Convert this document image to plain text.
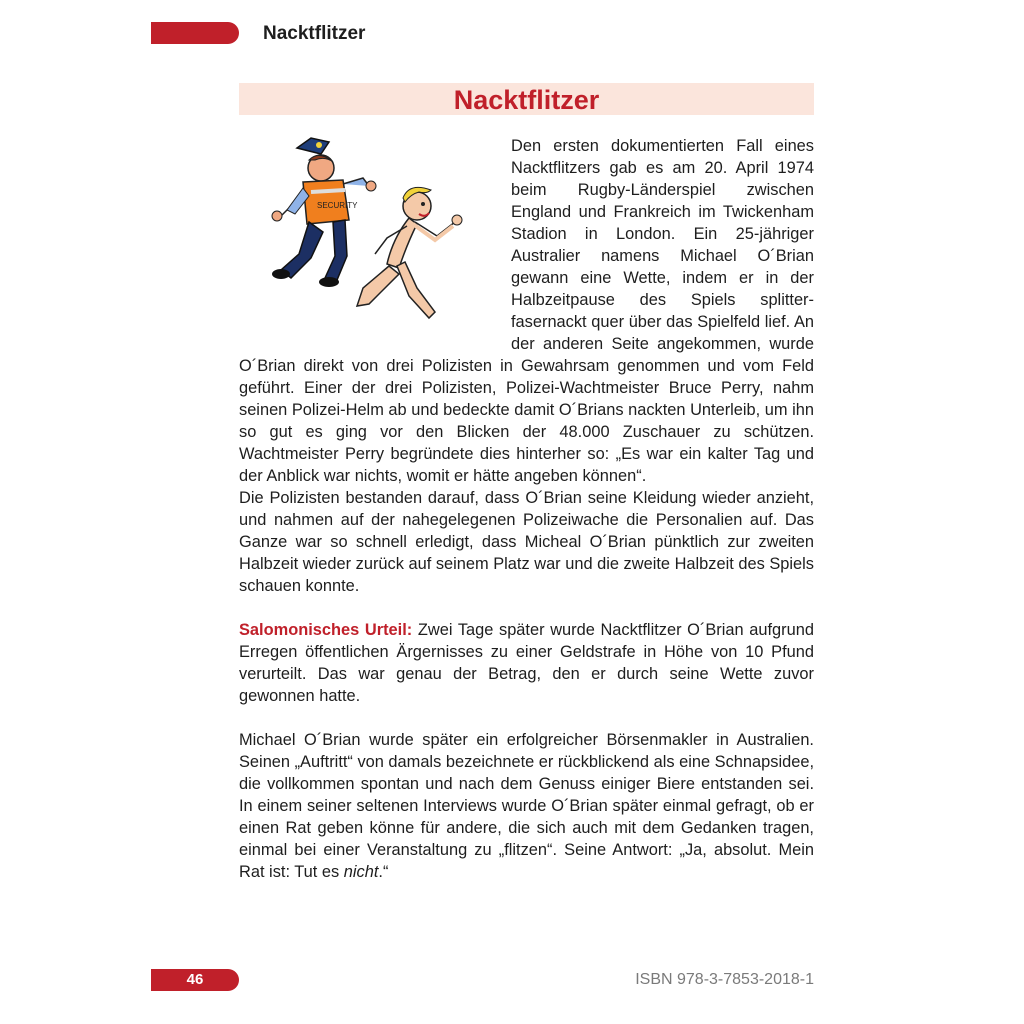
Nacktflitzer
Nacktflitzer
SECURITY

Den ersten dokumentierten Fall eines Nacktflitzers gab es am 20. April 1974 beim Rugby-Länderspiel zwischen England und Frankreich im Twickenham Stadion in London. Ein 25-jähriger Australier namens Michael O´Brian gewann eine Wette, indem er in der Halbzeitpause des Spiels splitterfasernackt quer über das Spielfeld lief. An der anderen Seite angekommen, wurde O´Brian direkt von drei Polizisten in Gewahrsam genommen und vom Feld geführt. Einer der drei Polizisten, Polizei-Wachtmeister Bruce Perry, nahm seinen Polizei-Helm ab und bedeckte damit O´Brians nackten Unterleib, um ihn so gut es ging vor den Blicken der 48.000 Zuschauer zu schützen. Wachtmeister Perry begründete dies hinterher so: „Es war ein kalter Tag und der Anblick war nichts, womit er hätte angeben können“.

Die Polizisten bestanden darauf, dass O´Brian seine Kleidung wieder anzieht, und nahmen auf der nahegelegenen Polizeiwache die Personalien auf. Das Ganze war so schnell erledigt, dass Micheal O´Brian pünktlich zur zweiten Halbzeit wieder zurück auf seinem Platz war und die zweite Halbzeit des Spiels schauen konnte.

Salomonisches Urteil: Zwei Tage später wurde Nacktflitzer O´Brian aufgrund Erregen öffentlichen Ärgernisses zu einer Geldstrafe in Höhe von 10 Pfund verurteilt. Das war genau der Betrag, den er durch seine Wette zuvor gewonnen hatte.

Michael O´Brian wurde später ein erfolgreicher Börsenmakler in Australien. Seinen „Auftritt“ von damals bezeichnete er rückblickend als eine Schnapsidee, die vollkommen spontan und nach dem Genuss einiger Biere entstanden sei. In einem seiner seltenen Interviews wurde O´Brian später einmal gefragt, ob er einen Rat geben könne für andere, die sich auch mit dem Gedanken tragen, einmal bei einer Veranstaltung zu „flitzen“. Seine Antwort: „Ja, absolut. Mein Rat ist: Tut es nicht.“

46	ISBN 978-3-7853-2018-1
